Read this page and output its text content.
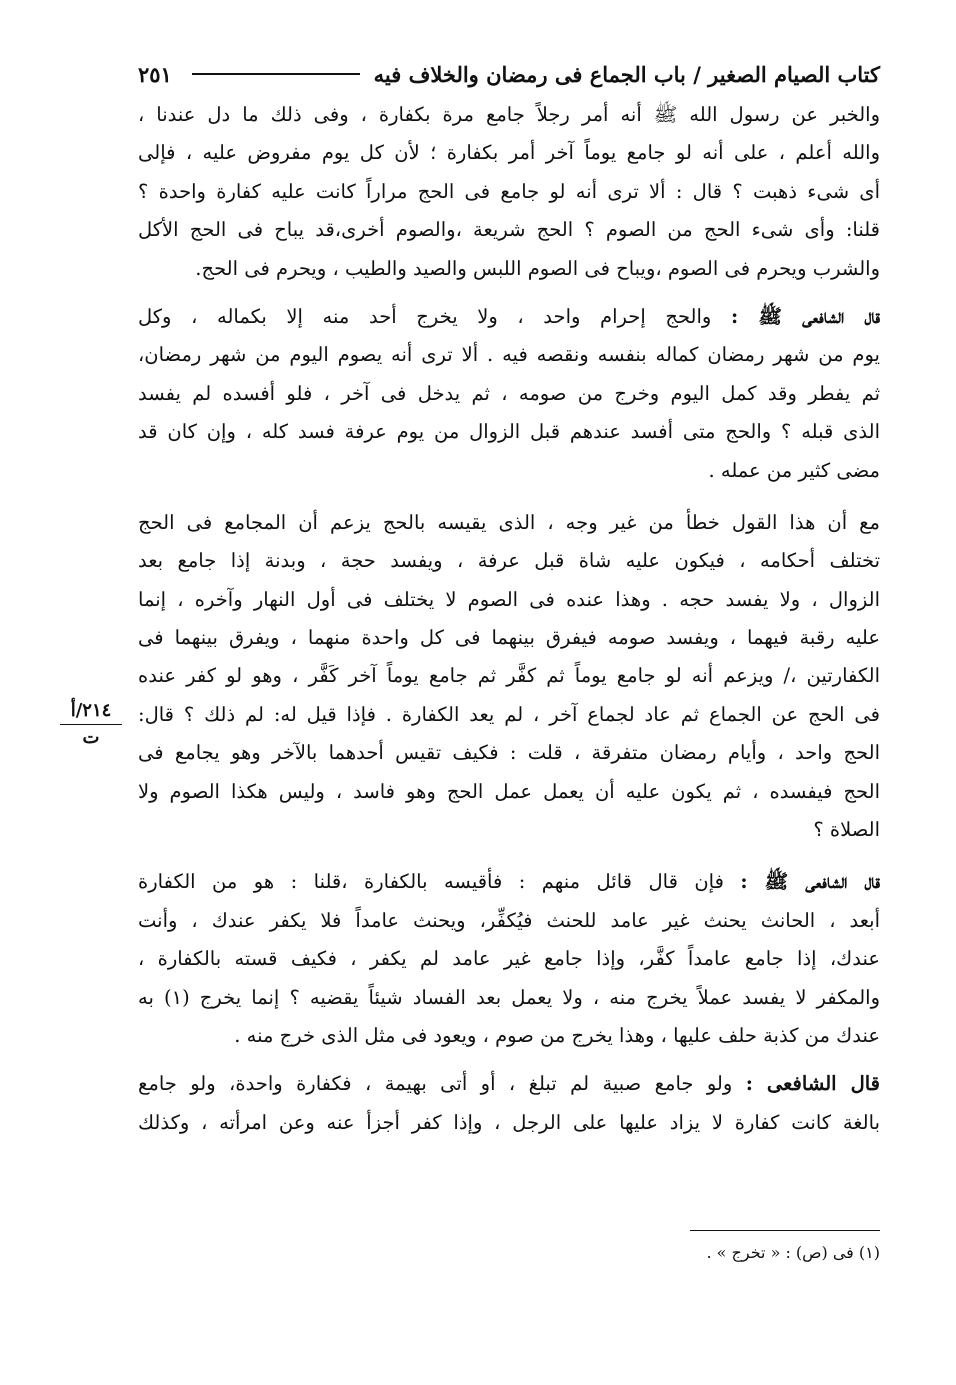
كتاب الصيام الصغير / باب الجماع فى رمضان والخلاف فيه
٢٥١
والخبر عن رسول الله ﷺ أنه أمر رجلاً جامع مرة بكفارة ، وفى ذلك ما دل عندنا ،
والله أعلم ، على أنه لو جامع يوماً آخر أمر بكفارة ؛ لأن كل يوم مفروض عليه ، فإلى
أى شىء ذهبت ؟ قال : ألا ترى أنه لو جامع فى الحج مراراً كانت عليه كفارة واحدة ؟
قلنا: وأى شىء الحج من الصوم ؟ الحج شريعة ،والصوم أخرى،قد يباح فى الحج الأكل
والشرب ويحرم فى الصوم ،ويباح فى الصوم اللبس والصيد والطيب ، ويحرم فى الحج.
قال الشافعى ﷺ : والحج إحرام واحد ، ولا يخرج أحد منه إلا بكماله ، وكل
يوم من شهر رمضان كماله بنفسه ونقصه فيه . ألا ترى أنه يصوم اليوم من شهر رمضان،
ثم يفطر وقد كمل اليوم وخرج من صومه ، ثم يدخل فى آخر ، فلو أفسده لم يفسد
الذى قبله ؟ والحج متى أفسد عندهم قبل الزوال من يوم عرفة فسد كله ، وإن كان قد
مضى كثير من عمله .
مع أن هذا القول خطأ من غير وجه ، الذى يقيسه بالحج يزعم أن المجامع فى الحج
تختلف أحكامه ، فيكون عليه شاة قبل عرفة ، ويفسد حجة ، وبدنة إذا جامع بعد
الزوال ، ولا يفسد حجه . وهذا عنده فى الصوم لا يختلف فى أول النهار وآخره ، إنما
عليه رقبة فيهما ، ويفسد صومه فيفرق بينهما فى كل واحدة منهما ، ويفرق بينهما فى
الكفارتين ،/ ويزعم أنه لو جامع يوماً ثم كفَّر ثم جامع يوماً آخر كَفَّر ، وهو لو كفر عنده
فى الحج عن الجماع ثم عاد لجماع آخر ، لم يعد الكفارة . فإذا قيل له: لم ذلك ؟ قال:
الحج واحد ، وأيام رمضان متفرقة ، قلت : فكيف تقيس أحدهما بالآخر وهو يجامع فى
الحج فيفسده ، ثم يكون عليه أن يعمل عمل الحج وهو فاسد ، وليس هكذا الصوم ولا
الصلاة ؟
قال الشافعى ﷺ : فإن قال قائل منهم : فأقيسه بالكفارة ،قلنا : هو من الكفارة
أبعد ، الحانث يحنث غير عامد للحنث فيُكفِّر، ويحنث عامداً فلا يكفر عندك ، وأنت
عندك، إذا جامع عامداً كفَّر، وإذا جامع غير عامد لم يكفر ، فكيف قسته بالكفارة ،
والمكفر لا يفسد عملاً يخرج منه ، ولا يعمل بعد الفساد شيئاً يقضيه ؟ إنما يخرج (١) به
عندك من كذبة حلف عليها ، وهذا يخرج من صوم ، ويعود فى مثل الذى خرج منه .
قال الشافعى : ولو جامع صبية لم تبلغ ، أو أتى بهيمة ، فكفارة واحدة، ولو جامع
بالغة كانت كفارة لا يزاد عليها على الرجل ، وإذا كفر أجزأ عنه وعن امرأته ، وكذلك
٢١٤/أ
ت
(١) فى (ص) : « تخرج » .
